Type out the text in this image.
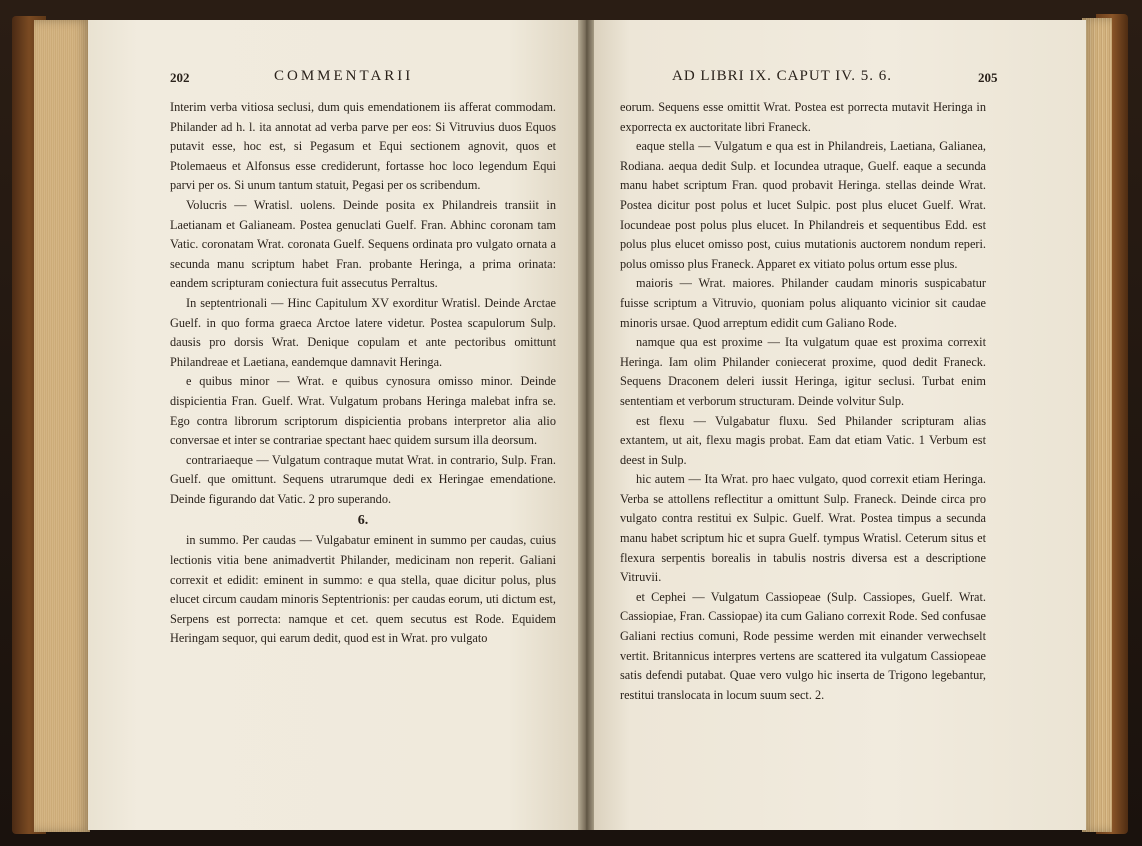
202	COMMENTARII

Interim verba vitiosa seclusi, dum quis emendationem iis afferat commodam. Philander ad h. l. ita annotat ad verba parve per eos: Si Vitruvius duos Equos putavit esse, hoc est, si Pegasum et Equi sectionem agnovit, quos et Ptolemaeus et Alfonsus esse crediderunt, fortasse hoc loco legendum Equi parvi per os. Si unum tantum statuit, Pegasi per os scribendum.

Volucris — Wratisl. uolens. Deinde posita ex Philandreis transiit in Laetianam et Galianeam. Postea genuclati Guelf. Fran. Abhinc coronam tam Vatic. coronatam Wrat. coronata Guelf. Sequens ordinata pro vulgato ornata a secunda manu scriptum habet Fran. probante Heringa, a prima orinata: eandem scripturam coniectura fuit assecutus Perraltus.

In septentrionali — Hinc Capitulum XV exorditur Wratisl. Deinde Arctae Guelf. in quo forma graeca Arctoe latere videtur. Postea scapulorum Sulp. dausis pro dorsis Wrat. Denique copulam et ante pectoribus omittunt Philandreae et Laetiana, eandemque damnavit Heringa.

e quibus minor — Wrat. e quibus cynosura omisso minor. Deinde dispicientia Fran. Guelf. Wrat. Vulgatum probans Heringa malebat infra se. Ego contra librorum scriptorum dispicientia probans interpretor alia alio conversae et inter se contrariae spectant haec quidem sursum illa deorsum.

contrariaeque — Vulgatum contraque mutat Wrat. in contrario, Sulp. Fran. Guelf. que omittunt. Sequens utrarumque dedi ex Heringae emendatione. Deinde figurando dat Vatic. 2 pro superando.

6.

in summo. Per caudas — Vulgabatur eminent in summo per caudas, cuius lectionis vitia bene animadvertit Philander, medicinam non reperit. Galiani correxit et edidit: eminent in summo: e qua stella, quae dicitur polus, plus elucet circum caudam minoris Septentrionis: per caudas eorum, uti dictum est, Serpens est porrecta: namque et cet. quem secutus est Rode. Equidem Heringam sequor, qui earum dedit, quod est in Wrat. pro vulgato

AD LIBRI IX. CAPUT IV. 5. 6.	205

eorum. Sequens esse omittit Wrat. Postea est porrecta mutavit Heringa in exporrecta ex auctoritate libri Franeck.

eaque stella — Vulgatum e qua est in Philandreis, Laetiana, Galianea, Rodiana. aequa dedit Sulp. et Iocundea utraque, Guelf. eaque a secunda manu habet scriptum Fran. quod probavit Heringa. stellas deinde Wrat. Postea dicitur post polus et lucet Sulpic. post plus elucet Guelf. Wrat. Iocundeae post polus plus elucet. In Philandreis et sequentibus Edd. est polus plus elucet omisso post, cuius mutationis auctorem nondum reperi. polus omisso plus Franeck. Apparet ex vitiato polus ortum esse plus.

maioris — Wrat. maiores. Philander caudam minoris suspicabatur fuisse scriptum a Vitruvio, quoniam polus aliquanto vicinior sit caudae minoris ursae. Quod arreptum edidit cum Galiano Rode.

namque qua est proxime — Ita vulgatum quae est proxima correxit Heringa. Iam olim Philander coniecerat proxime, quod dedit Franeck. Sequens Draconem deleri iussit Heringa, igitur seclusi. Turbat enim sententiam et verborum structuram. Deinde volvitur Sulp.

est flexu — Vulgabatur fluxu. Sed Philander scripturam alias extantem, ut ait, flexu magis probat. Eam dat etiam Vatic. 1 Verbum est deest in Sulp.

hic autem — Ita Wrat. pro haec vulgato, quod correxit etiam Heringa. Verba se attollens reflectitur a omittunt Sulp. Franeck. Deinde circa pro vulgato contra restitui ex Sulpic. Guelf. Wrat. Postea timpus a secunda manu habet scriptum hic et supra Guelf. tympus Wratisl. Ceterum situs et flexura serpentis borealis in tabulis nostris diversa est a descriptione Vitruvii.

et Cephei — Vulgatum Cassiopeae (Sulp. Cassiopes, Guelf. Wrat. Cassiopiae, Fran. Cassiopae) ita cum Galiano correxit Rode. Sed confusae Galiani rectius comuni, Rode pessime werden mit einander verwechselt vertit. Britannicus interpres vertens are scattered ita vulgatum Cassiopeae satis defendi putabat. Quae vero vulgo hic inserta de Trigono legebantur, restitui translocata in locum suum sect. 2.
